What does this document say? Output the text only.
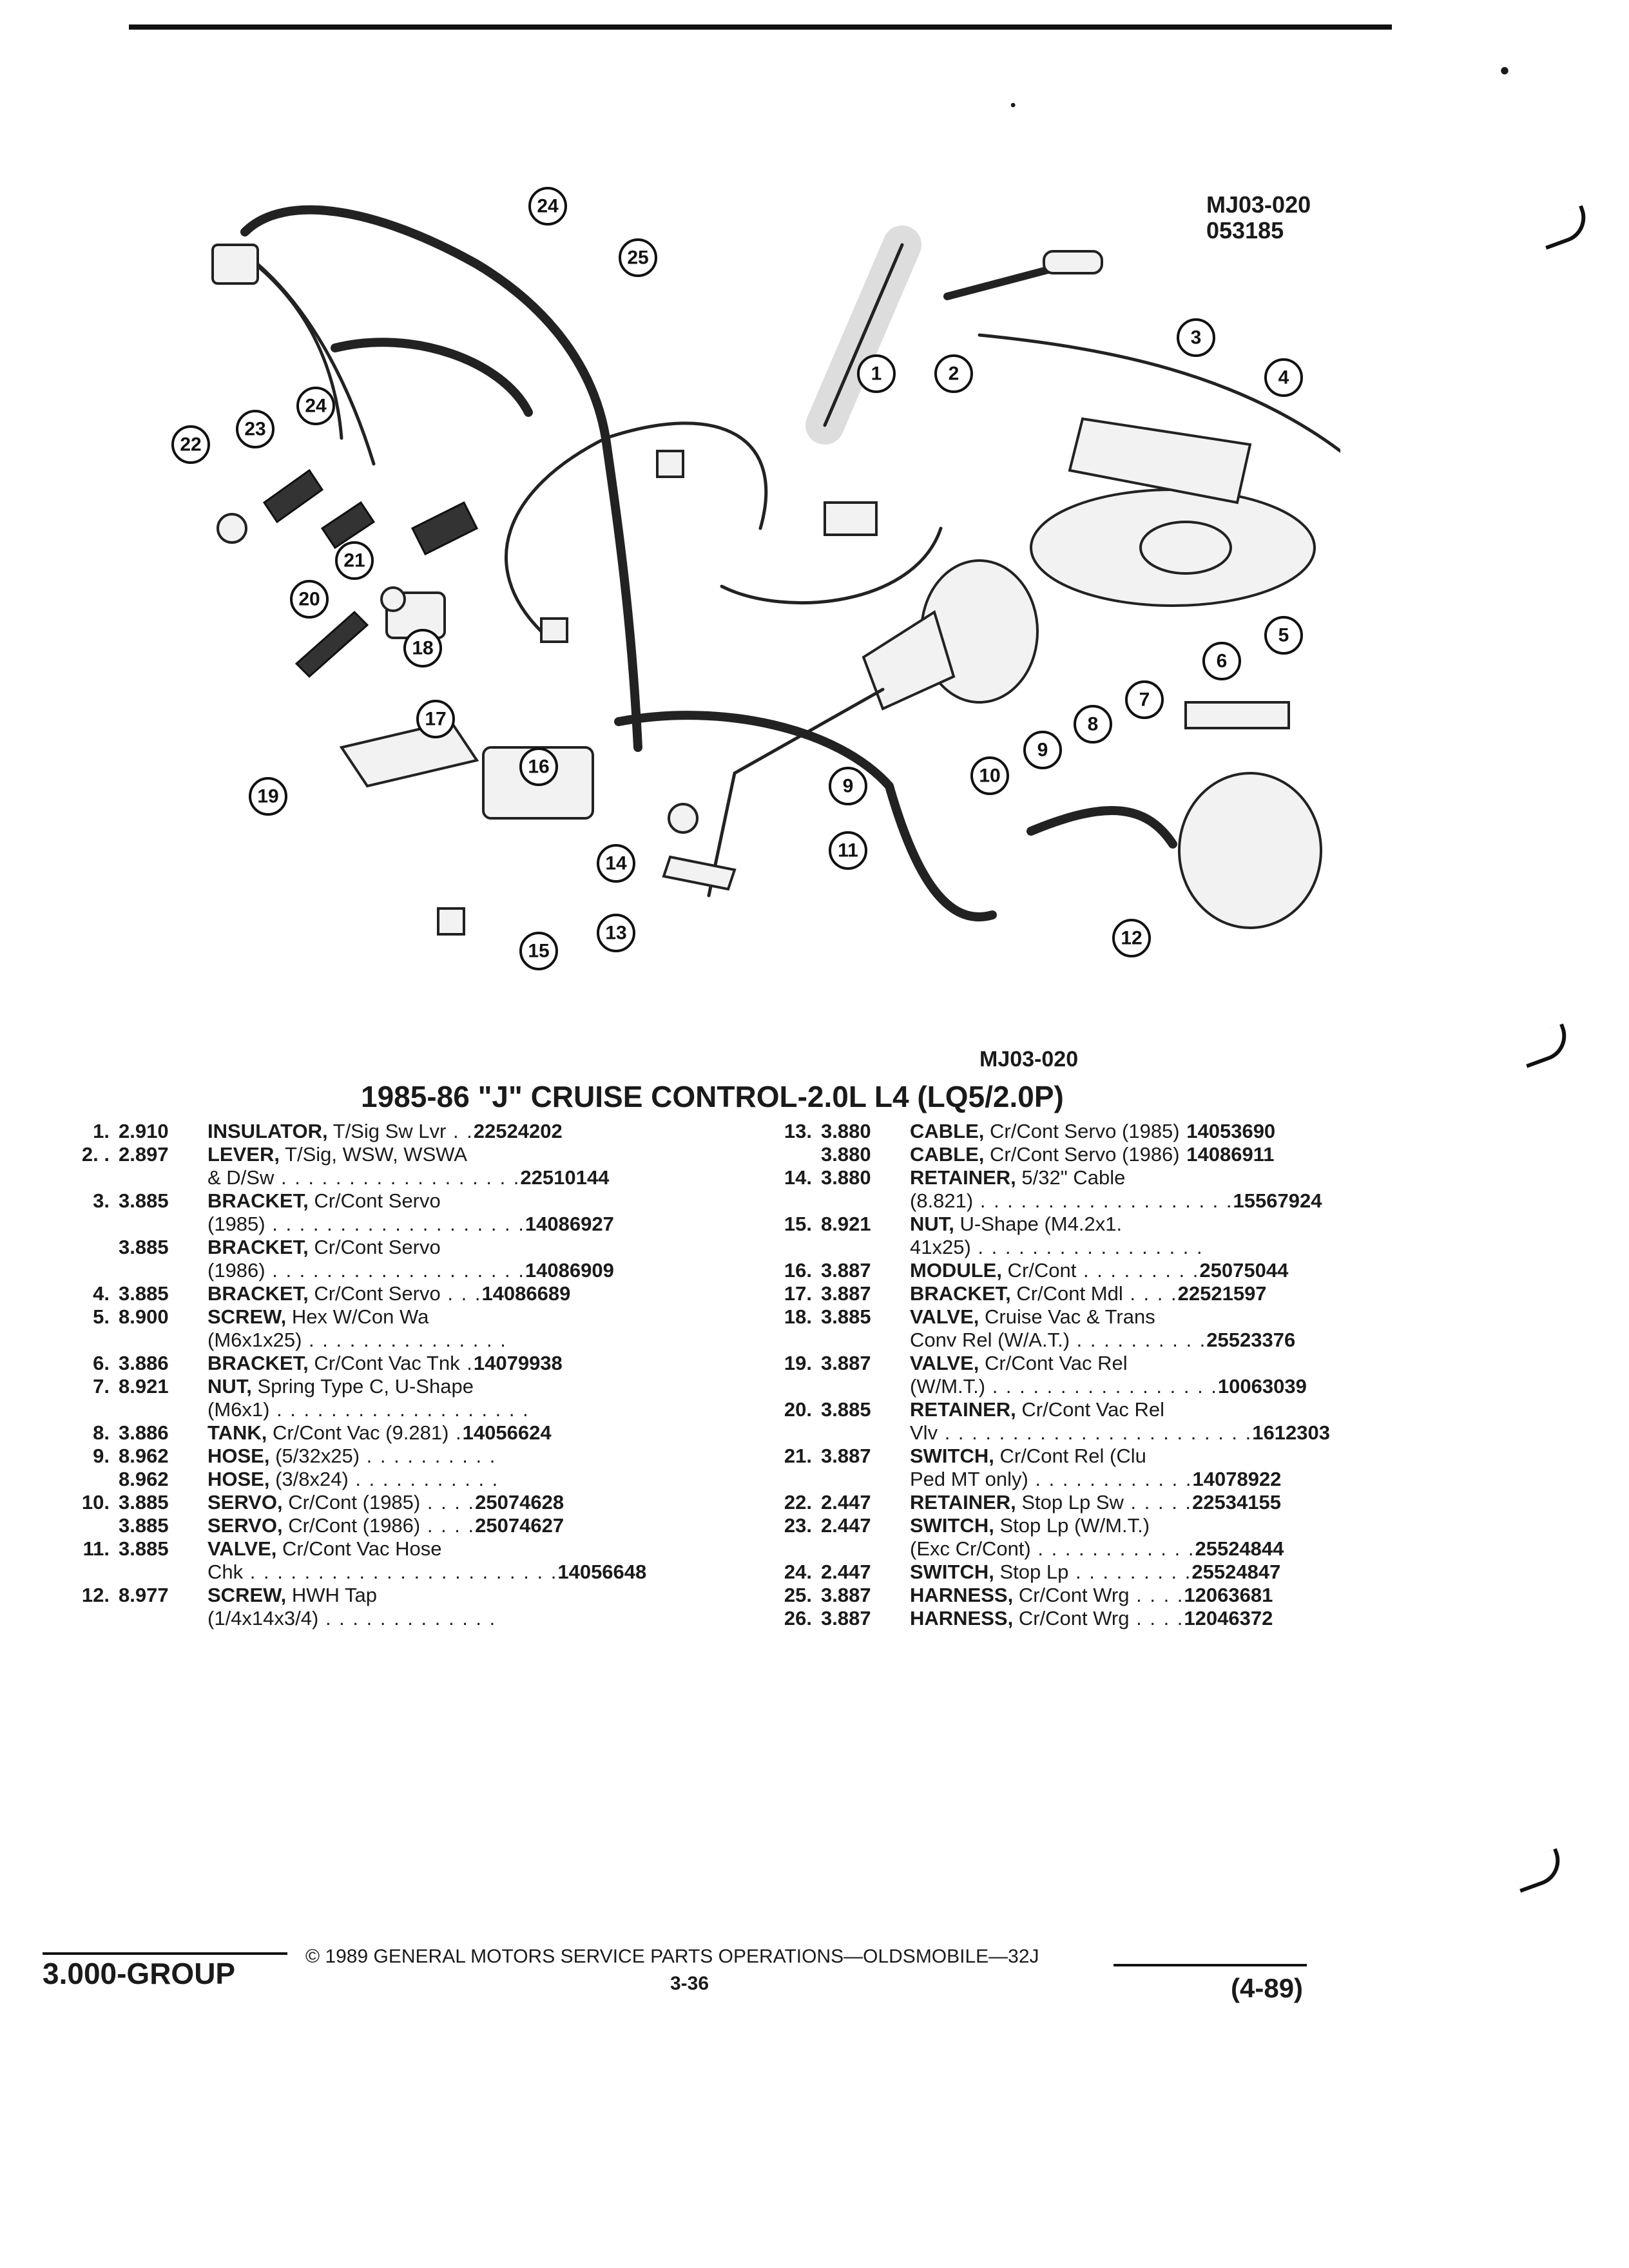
•
•
MJ03-020
053185
24
25
1	2
3
4
5
6
7
8
9
10
9
11
12
13
14
15
16
17
18
19
20
21
22
23
24
MJ03-020
1985-86 "J" CRUISE CONTROL-2.0L L4 (LQ5/2.0P)
1. 2.910	INSULATOR, T/Sig Sw Lvr . .22524202
2. . 2.897	LEVER, T/Sig, WSW, WSWA
& D/Sw . . . . . . . . . . . . . . . . . .22510144
3. 3.885	BRACKET, Cr/Cont Servo
(1985) . . . . . . . . . . . . . . . . . . .14086927
3.885	BRACKET, Cr/Cont Servo
(1986) . . . . . . . . . . . . . . . . . . .14086909
4. 3.885	BRACKET, Cr/Cont Servo . . .14086689
5. 8.900	SCREW, Hex W/Con Wa
(M6x1x25) . . . . . . . . . . . . . . .
6. 3.886	BRACKET, Cr/Cont Vac Tnk .14079938
7. 8.921	NUT, Spring Type C, U-Shape
(M6x1) . . . . . . . . . . . . . . . . . . .
8. 3.886	TANK, Cr/Cont Vac (9.281) .14056624
9. 8.962	HOSE, (5/32x25) . . . . . . . . . .
8.962	HOSE, (3/8x24) . . . . . . . . . . .
10. 3.885	SERVO, Cr/Cont (1985) . . . .25074628
3.885	SERVO, Cr/Cont (1986) . . . .25074627
11. 3.885	VALVE, Cr/Cont Vac Hose
Chk . . . . . . . . . . . . . . . . . . . . . . .14056648
12. 8.977	SCREW, HWH Tap
(1/4x14x3/4) . . . . . . . . . . . . .
13. 3.880	CABLE, Cr/Cont Servo (1985) 14053690
3.880	CABLE, Cr/Cont Servo (1986) 14086911
14. 3.880	RETAINER, 5/32" Cable
(8.821) . . . . . . . . . . . . . . . . . . .15567924
15. 8.921	NUT, U-Shape (M4.2x1.
41x25) . . . . . . . . . . . . . . . . .
16. 3.887	MODULE, Cr/Cont . . . . . . . . .25075044
17. 3.887	BRACKET, Cr/Cont Mdl . . . .22521597
18. 3.885	VALVE, Cruise Vac & Trans
Conv Rel (W/A.T.) . . . . . . . . . .25523376
19. 3.887	VALVE, Cr/Cont Vac Rel
(W/M.T.) . . . . . . . . . . . . . . . . .10063039
20. 3.885	RETAINER, Cr/Cont Vac Rel
Vlv . . . . . . . . . . . . . . . . . . . . . . .1612303
21. 3.887	SWITCH, Cr/Cont Rel (Clu
Ped MT only) . . . . . . . . . . . .14078922
22. 2.447	RETAINER, Stop Lp Sw . . . . .22534155
23. 2.447	SWITCH, Stop Lp (W/M.T.)
(Exc Cr/Cont) . . . . . . . . . . . .25524844
24. 2.447	SWITCH, Stop Lp . . . . . . . . .25524847
25. 3.887	HARNESS, Cr/Cont Wrg . . . .12063681
26. 3.887	HARNESS, Cr/Cont Wrg . . . .12046372
3.000-GROUP
© 1989 GENERAL MOTORS SERVICE PARTS OPERATIONS—OLDSMOBILE—32J
3-36	(4-89)
